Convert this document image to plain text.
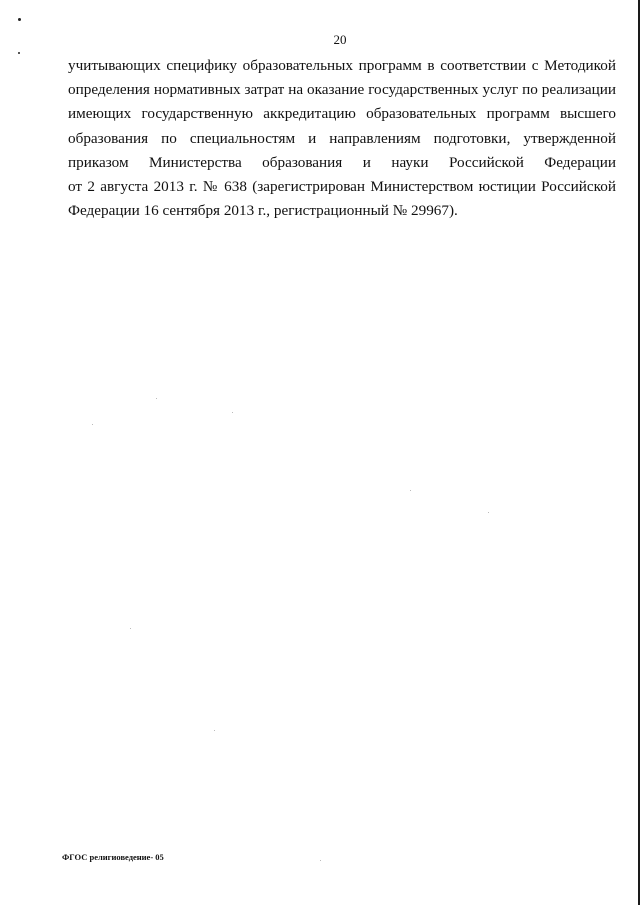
20
учитывающих специфику образовательных программ в соответствии с Методикой
определения нормативных затрат на оказание государственных услуг по реализации
имеющих государственную аккредитацию образовательных программ высшего
образования по специальностям и направлениям подготовки, утвержденной
приказом Министерства образования и науки Российской Федерации
от 2 августа 2013 г. № 638 (зарегистрирован Министерством юстиции Российской
Федерации 16 сентября 2013 г., регистрационный № 29967).
ФГОС религиоведение- 05
